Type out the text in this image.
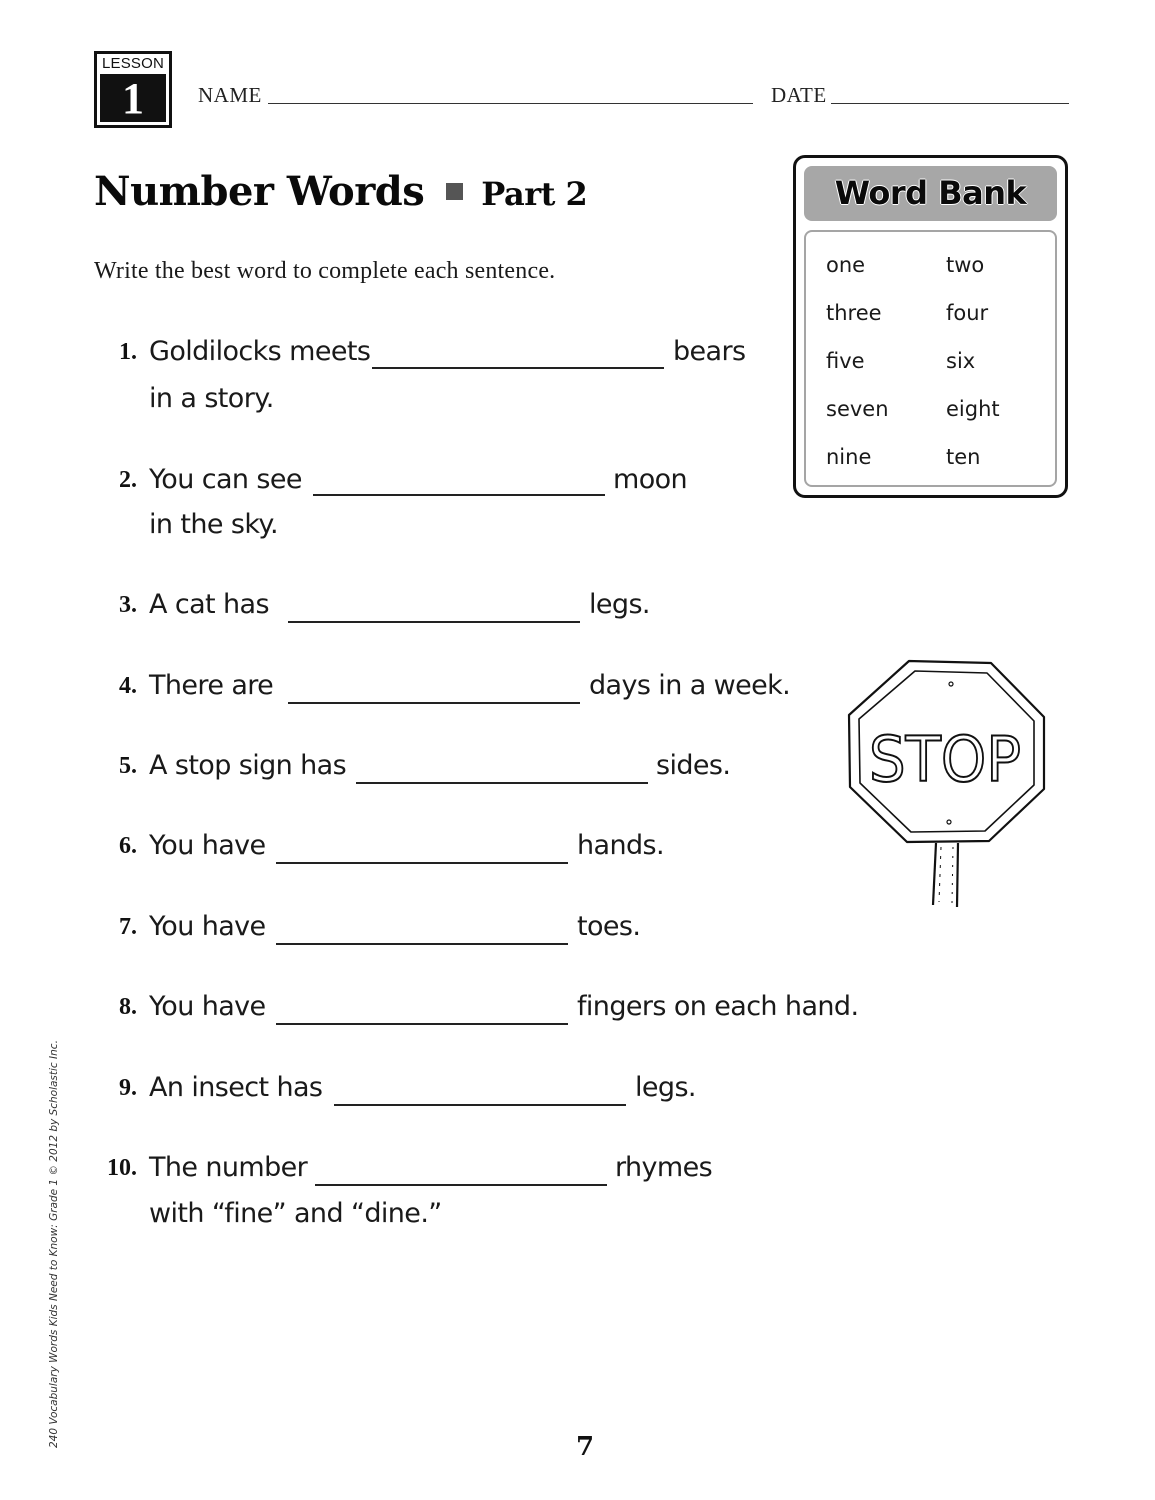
LESSON
1	NAME	DATE
Number Words Part 2
Write the best word to complete each sentence.
Word Bank
one	two
three	four
five	six
seven	eight
nine	ten
1. Goldilocks meets	bears
in a story.
2. You can see	moon
in the sky.
3. A cat has	legs.
4. There are	days in a week.
5. A stop sign has	sides.
6. You have	hands.
7. You have	toes.
8. You have	fingers on each hand.
9. An insect has	legs.
10. The number	rhymes
with “fine” and “dine.”
STOP
240 Vocabulary Words Kids Need to Know: Grade 1 © 2012 by Scholastic Inc.	7
